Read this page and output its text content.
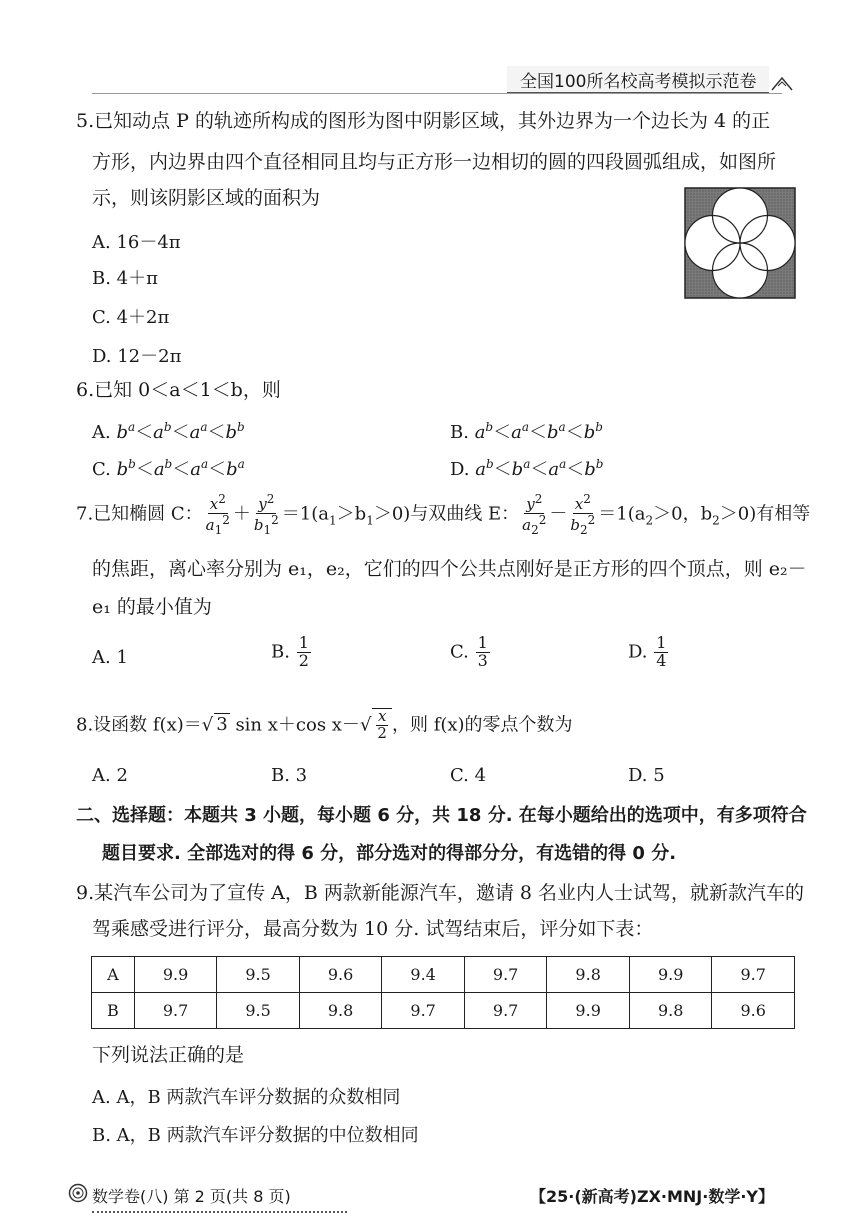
全国100所名校高考模拟示范卷
5.已知动点 P 的轨迹所构成的图形为图中阴影区域，其外边界为一个边长为 4 的正
方形，内边界由四个直径相同且均与正方形一边相切的圆的四段圆弧组成，如图所
示，则该阴影区域的面积为
A. 16－4π
B. 4＋π
C. 4＋2π
D. 12－2π
6.已知 0＜a＜1＜b，则
A. $b^a<a^b<a^a<b^b$	B. $a^b<a^a<b^a<b^b$
C. $b^b<a^b<a^a<b^a$	D. $a^b<b^a<a^a<b^b$
7.已知椭圆 C： $\frac{x^2}{a_1^2} + \frac{y^2}{b_1^2} =1(a_1>b_1>0)$与双曲线 E： $\frac{y^2}{a_2^2} - \frac{x^2}{b_2^2} =1(a_2>0$，$b_2>0$)有相等
的焦距，离心率分别为 e₁，e₂，它们的四个公共点刚好是正方形的四个顶点，则 e₂－
e₁ 的最小值为
A. 1	B. $\frac{1}{2}$	C. $\frac{1}{3}$	D. $\frac{1}{4}$
8.设函数 f(x)＝√ 3 sin x＋cos $x-√ \frac{x}{2}$ ，则 f(x)的零点个数为
A. 2	B. 3	C. 4	D. 5
二、选择题：本题共 3 小题，每小题 6 分，共 18 分. 在每小题给出的选项中，有多项符合
题目要求. 全部选对的得 6 分，部分选对的得部分分，有选错的得 0 分.
9.某汽车公司为了宣传 A，B 两款新能源汽车，邀请 8 名业内人士试驾，就新款汽车的
驾乘感受进行评分，最高分数为 10 分. 试驾结束后，评分如下表：
A	9.9	9.5	9.6	9.4	9.7	9.8	9.9	9.7
B	9.7	9.5	9.8	9.7	9.7	9.9	9.8	9.6
下列说法正确的是
A. A，B 两款汽车评分数据的众数相同
B. A，B 两款汽车评分数据的中位数相同
数学卷(八) 第 2 页(共 8 页)	【25·(新高考)ZX·MNJ·数学·Y】
